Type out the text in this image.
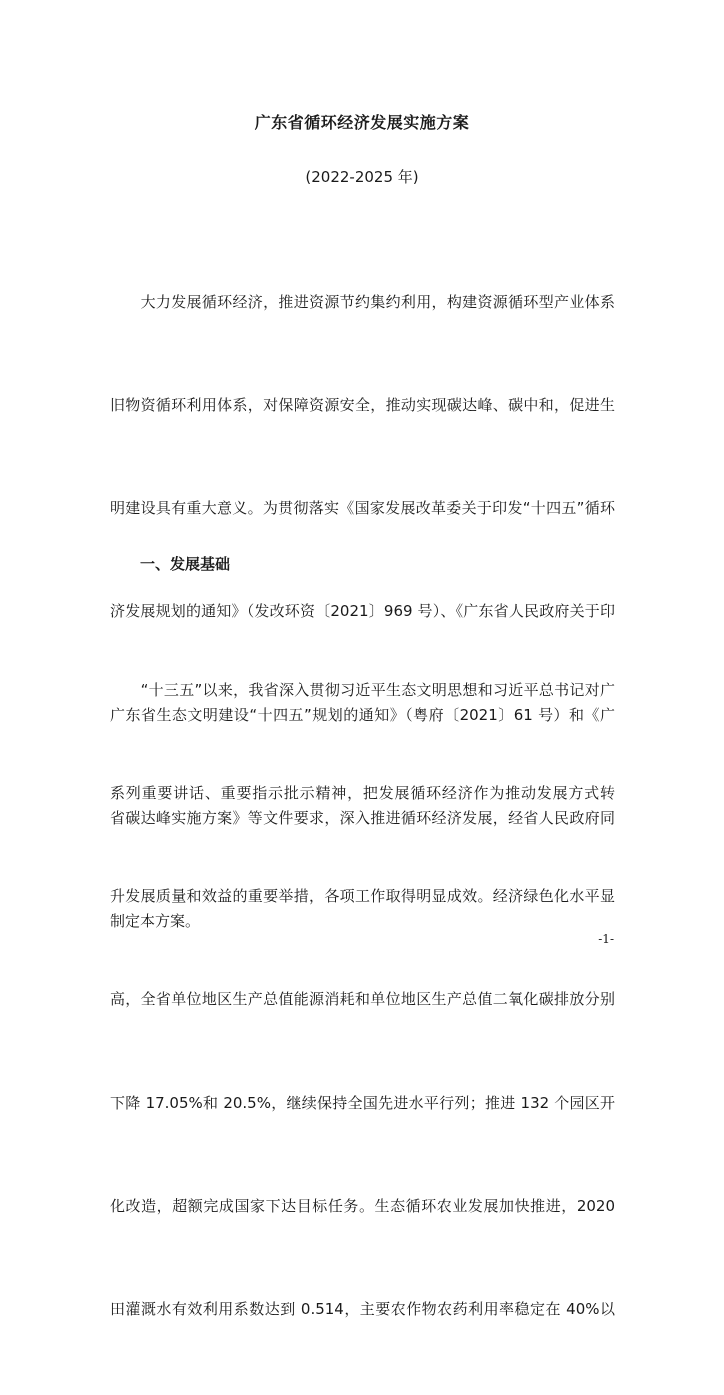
广东省循环经济发展实施方案
(2022-2025 年)

　　大力发展循环经济，推进资源节约集约利用，构建资源循环型产业体系

旧物资循环利用体系，对保障资源安全，推动实现碳达峰、碳中和，促进生

明建设具有重大意义。为贯彻落实《国家发展改革委关于印发“十四五”循环

济发展规划的通知》（发改环资〔2021〕969 号）、《广东省人民政府关于印

广东省生态文明建设“十四五”规划的通知》（粤府〔2021〕61 号）和《广

省碳达峰实施方案》等文件要求，深入推进循环经济发展，经省人民政府同

制定本方案。

一、发展基础

　　“十三五”以来，我省深入贯彻习近平生态文明思想和习近平总书记对广

系列重要讲话、重要指示批示精神，把发展循环经济作为推动发展方式转

升发展质量和效益的重要举措，各项工作取得明显成效。经济绿色化水平显

高，全省单位地区生产总值能源消耗和单位地区生产总值二氧化碳排放分别

下降 17.05%和 20.5%，继续保持全国先进水平行列；推进 132 个园区开

化改造，超额完成国家下达目标任务。生态循环农业发展加快推进，2020

田灌溉水有效利用系数达到 0.514，主要农作物农药利用率稳定在 40%以

-1-
